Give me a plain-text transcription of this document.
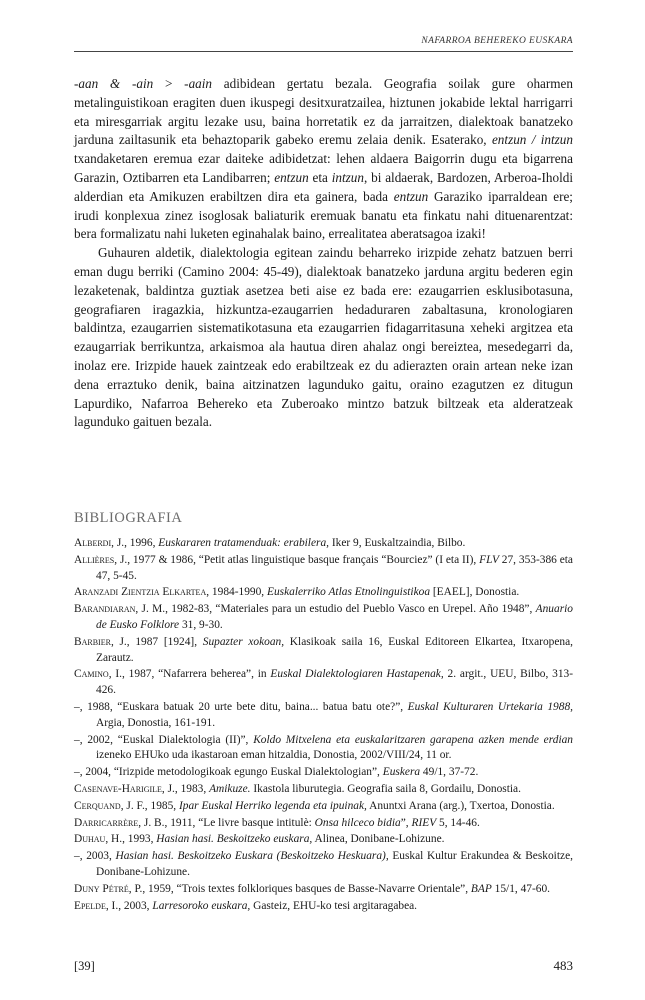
NAFARROA BEHEREKO EUSKARA

-aan & -ain > -aain adibidean gertatu bezala. Geografia soilak gure oharmen metalinguistikoan eragiten duen ikuspegi desitxuratzailea, hiztunen jokabide lektal harrigarri eta miresgarriak argitu lezake usu, baina horretatik ez da jarraitzen, dialektoak banatzeko jarduna zailtasunik eta behaztoparik gabeko eremu zelaia denik. Esaterako, entzun / intzun txandaketaren eremua ezar daiteke adibidetzat: lehen aldaera Baigorrin dugu eta bigarrena Garazin, Oztibarren eta Landibarren; entzun eta intzun, bi aldaerak, Bardozen, Arberoa-Iholdi alderdian eta Amikuzen erabiltzen dira eta gainera, bada entzun Garaziko iparraldean ere; irudi konplexua zinez isoglosak baliaturik eremuak banatu eta finkatu nahi dituenarentzat: bera formalizatu nahi luketen eginahalak baino, errealitatea aberatsagoa izaki!

Guhauren aldetik, dialektologia egitean zaindu beharreko irizpide zehatz batzuen berri eman dugu berriki (Camino 2004: 45-49), dialektoak banatzeko jarduna argitu bederen egin lezaketenak, baldintza guztiak asetzea beti aise ez bada ere: ezaugarrien esklusibotasuna, geografiaren iragazkia, hizkuntza-ezaugarrien hedaduraren zabaltasuna, kronologiaren baldintza, ezaugarrien sistematikotasuna eta ezaugarrien fidagarritasuna xeheki argitzea eta ezaugarriak berrikuntza, arkaismoa ala hautua diren ahalaz ongi bereiztea, mesedegarri da, inolaz ere. Irizpide hauek zaintzeak edo erabiltzeak ez du adierazten orain artean neke izan dena erraztuko denik, baina aitzinatzen lagunduko gaitu, oraino ezagutzen ez ditugun Lapurdiko, Nafarroa Behereko eta Zuberoako mintzo batzuk biltzeak eta alderatzeak lagunduko gaituen bezala.

BIBLIOGRAFIA
Alberdi, J., 1996, Euskararen tratamenduak: erabilera, Iker 9, Euskaltzaindia, Bilbo.
Allières, J., 1977 & 1986, “Petit atlas linguistique basque français “Bourciez” (I eta II), FLV 27, 353-386 eta 47, 5-45.
Aranzadi Zientzia Elkartea, 1984-1990, Euskalerriko Atlas Etnolinguistikoa [EAEL], Donostia.
Barandiaran, J. M., 1982-83, “Materiales para un estudio del Pueblo Vasco en Urepel. Año 1948”, Anuario de Eusko Folklore 31, 9-30.
Barbier, J., 1987 [1924], Supazter xokoan, Klasikoak saila 16, Euskal Editoreen Elkartea, Itxaropena, Zarautz.
Camino, I., 1987, “Nafarrera beherea”, in Euskal Dialektologiaren Hastapenak, 2. argit., UEU, Bilbo, 313-426.
–, 1988, “Euskara batuak 20 urte bete ditu, baina... batua batu ote?”, Euskal Kulturaren Urtekaria 1988, Argia, Donostia, 161-191.
–, 2002, “Euskal Dialektologia (II)”, Koldo Mitxelena eta euskalaritzaren garapena azken mende erdian izeneko EHUko uda ikastaroan eman hitzaldia, Donostia, 2002/VIII/24, 11 or.
–, 2004, “Irizpide metodologikoak egungo Euskal Dialektologian”, Euskera 49/1, 37-72.
Casenave-Harigile, J., 1983, Amikuze. Ikastola liburutegia. Geografia saila 8, Gordailu, Donostia.
Cerquand, J. F., 1985, Ipar Euskal Herriko legenda eta ipuinak, Anuntxi Arana (arg.), Txertoa, Donostia.
Darricarrère, J. B., 1911, “Le livre basque intitulè: Onsa hilceco bidia”, RIEV 5, 14-46.
Duhau, H., 1993, Hasian hasi. Beskoitzeko euskara, Alinea, Donibane-Lohizune.
–, 2003, Hasian hasi. Beskoitzeko Euskara (Beskoitzeko Heskuara), Euskal Kultur Erakundea & Beskoitze, Donibane-Lohizune.
Duny Pétré, P., 1959, “Trois textes folkloriques basques de Basse-Navarre Orientale”, BAP 15/1, 47-60.
Epelde, I., 2003, Larresoroko euskara, Gasteiz, EHU-ko tesi argitaragabea.
[39]	483
